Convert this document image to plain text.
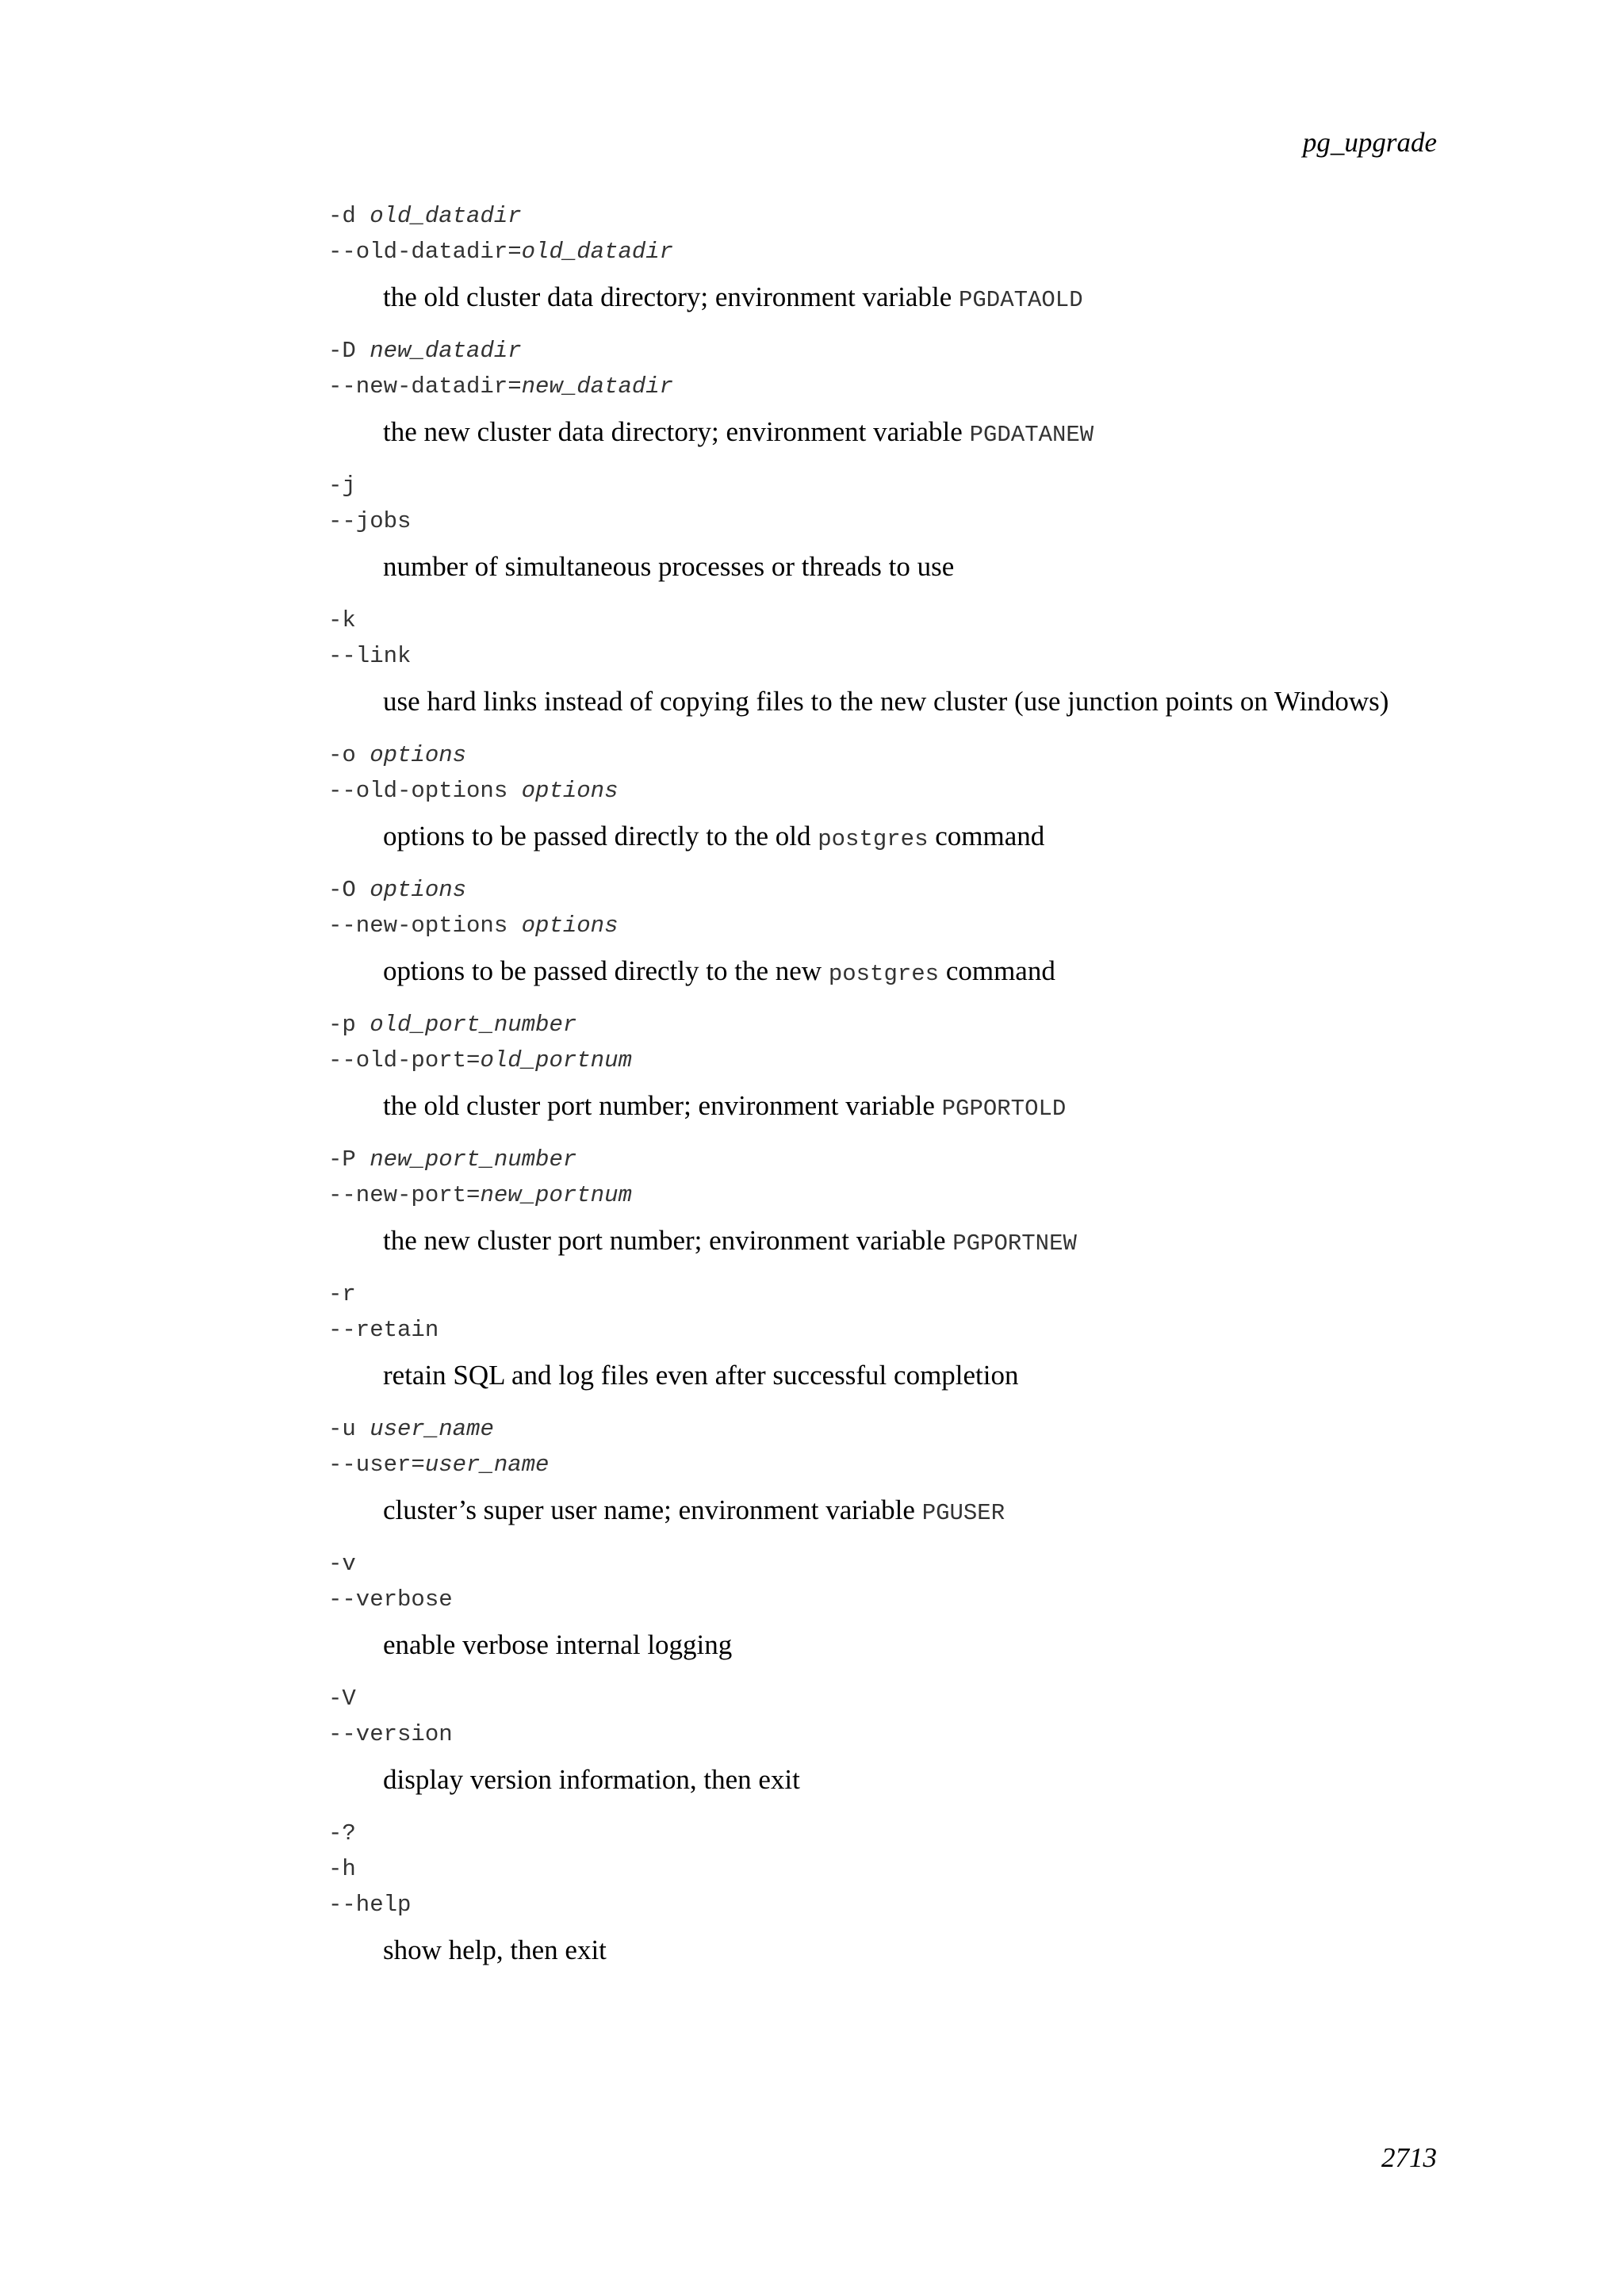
pg_upgrade
-d old_datadir
--old-datadir=old_datadir
the old cluster data directory; environment variable PGDATAOLD
-D new_datadir
--new-datadir=new_datadir
the new cluster data directory; environment variable PGDATANEW
-j
--jobs
number of simultaneous processes or threads to use
-k
--link
use hard links instead of copying files to the new cluster (use junction points on Windows)
-o options
--old-options options
options to be passed directly to the old postgres command
-O options
--new-options options
options to be passed directly to the new postgres command
-p old_port_number
--old-port=old_portnum
the old cluster port number; environment variable PGPORTOLD
-P new_port_number
--new-port=new_portnum
the new cluster port number; environment variable PGPORTNEW
-r
--retain
retain SQL and log files even after successful completion
-u user_name
--user=user_name
cluster’s super user name; environment variable PGUSER
-v
--verbose
enable verbose internal logging
-V
--version
display version information, then exit
-?
-h
--help
show help, then exit
2713
